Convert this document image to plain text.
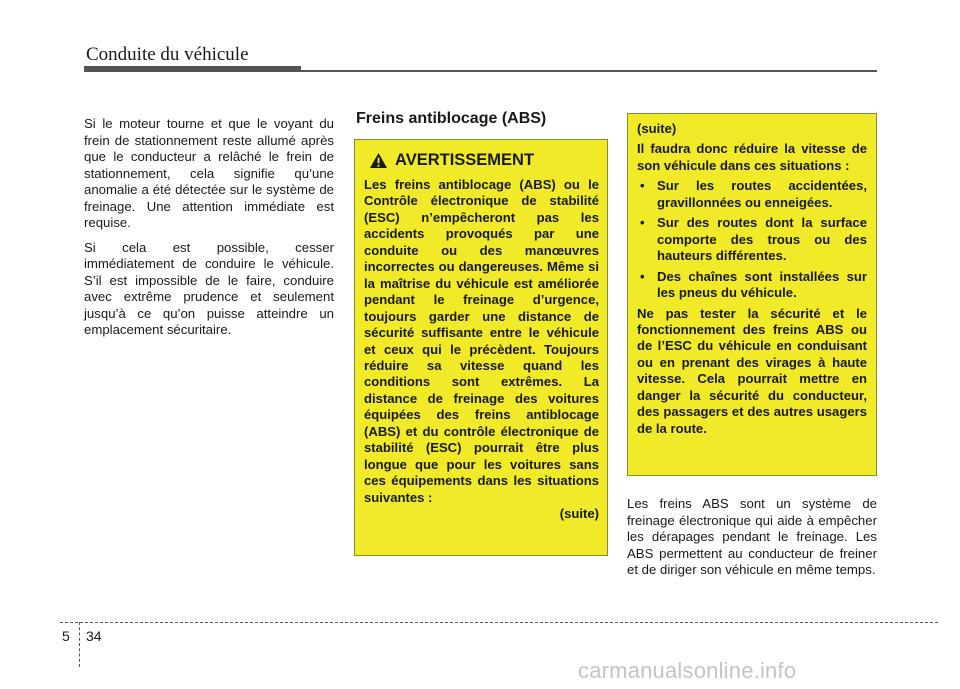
Conduite du véhicule

Si le moteur tourne et que le voyant du frein de stationnement reste allumé après que le conducteur a relâché le frein de stationnement, cela signifie qu’une anomalie a été détectée sur le système de freinage. Une attention immédiate est requise.

Si cela est possible, cesser immédiatement de conduire le véhicule. S’il est impossible de le faire, conduire avec extrême prudence et seulement jusqu’à ce qu’on puisse atteindre un emplacement sécuritaire.

Freins antiblocage (ABS)
AVERTISSEMENT

Les freins antiblocage (ABS) ou le Contrôle électronique de stabilité (ESC) n’empêcheront pas les accidents provoqués par une conduite ou des manœuvres incorrectes ou dangereuses. Même si la maîtrise du véhicule est améliorée pendant le freinage d’urgence, toujours garder une distance de sécurité suffisante entre le véhicule et ceux qui le précèdent. Toujours réduire sa vitesse quand les conditions sont extrêmes. La distance de freinage des voitures équipées des freins antiblocage (ABS) et du contrôle électronique de stabilité (ESC) pourrait être plus longue que pour les voitures sans ces équipements dans les situations suivantes :

(suite)

(suite)

Il faudra donc réduire la vitesse de son véhicule dans ces situations :

• Sur les routes accidentées, gravillonnées ou enneigées.
• Sur des routes dont la surface comporte des trous ou des hauteurs différentes.
• Des chaînes sont installées sur les pneus du véhicule.

Ne pas tester la sécurité et le fonctionnement des freins ABS ou de l’ESC du véhicule en conduisant ou en prenant des virages à haute vitesse. Cela pourrait mettre en danger la sécurité du conducteur, des passagers et des autres usagers de la route.

Les freins ABS sont un système de freinage électronique qui aide à empêcher les dérapages pendant le freinage. Les ABS permettent au conducteur de freiner et de diriger son véhicule en même temps.

5 34
carmanualsonline.info
